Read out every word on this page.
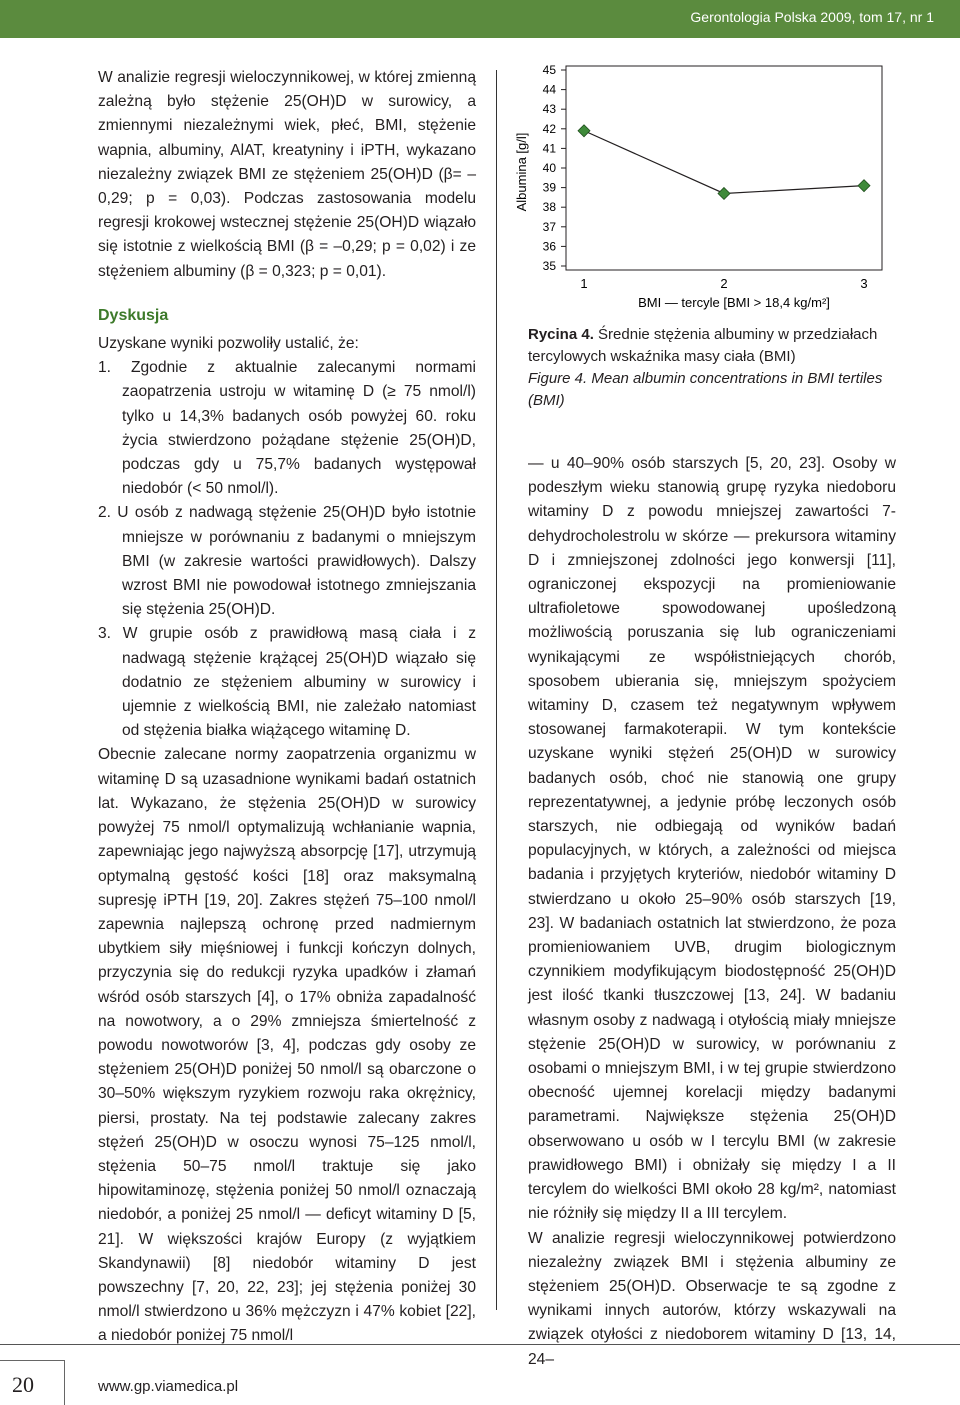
Gerontologia Polska 2009, tom 17, nr 1

W analizie regresji wieloczynnikowej, w której zmienną zależną było stężenie 25(OH)D w surowicy, a zmiennymi niezależnymi wiek, płeć, BMI, stężenie wapnia, albuminy, AlAT, kreatyniny i iPTH, wykazano niezależny związek BMI ze stężeniem 25(OH)D (β= –0,29; p = 0,03). Podczas zastosowania modelu regresji krokowej wstecznej stężenie 25(OH)D wiązało się istotnie z wielkością BMI (β = –0,29; p = 0,02) i ze stężeniem albuminy (β = 0,323; p = 0,01).

Dyskusja

Uzyskane wyniki pozwoliły ustalić, że:

1. Zgodnie z aktualnie zalecanymi normami zaopatrzenia ustroju w witaminę D (≥ 75 nmol/l) tylko u 14,3% badanych osób powyżej 60. roku życia stwierdzono pożądane stężenie 25(OH)D, podczas gdy u 75,7% badanych występował niedobór (< 50 nmol/l).

2. U osób z nadwagą stężenie 25(OH)D było istotnie mniejsze w porównaniu z badanymi o mniejszym BMI (w zakresie wartości prawidłowych). Dalszy wzrost BMI nie powodował istotnego zmniejszania się stężenia 25(OH)D.

3. W grupie osób z prawidłową masą ciała i z nadwagą stężenie krążącej 25(OH)D wiązało się dodatnio ze stężeniem albuminy w surowicy i ujemnie z wielkością BMI, nie zależało natomiast od stężenia białka wiążącego witaminę D.

Obecnie zalecane normy zaopatrzenia organizmu w witaminę D są uzasadnione wynikami badań ostatnich lat. Wykazano, że stężenia 25(OH)D w surowicy powyżej 75 nmol/l optymalizują wchłanianie wapnia, zapewniając jego najwyższą absorpcję [17], utrzymują optymalną gęstość kości [18] oraz maksymalną supresję iPTH [19, 20]. Zakres stężeń 75–100 nmol/l zapewnia najlepszą ochronę przed nadmiernym ubytkiem siły mięśniowej i funkcji kończyn dolnych, przyczynia się do redukcji ryzyka upadków i złamań wśród osób starszych [4], o 17% obniża zapadalność na nowotwory, a o 29% zmniejsza śmiertelność z powodu nowotworów [3, 4], podczas gdy osoby ze stężeniem 25(OH)D poniżej 50 nmol/l są obarczone o 30–50% większym ryzykiem rozwoju raka okrężnicy, piersi, prostaty. Na tej podstawie zalecany zakres stężeń 25(OH)D w osoczu wynosi 75–125 nmol/l, stężenia 50–75 nmol/l traktuje się jako hipowitaminozę, stężenia poniżej 50 nmol/l oznaczają niedobór, a poniżej 25 nmol/l — deficyt witaminy D [5, 21]. W większości krajów Europy (z wyjątkiem Skandynawii) [8] niedobór witaminy D jest powszechny [7, 20, 22, 23]; jej stężenia poniżej 30 nmol/l stwierdzono u 36% mężczyzn i 47% kobiet [22], a niedobór poniżej 75 nmol/l

45
44
43
42
41
40
39
38
37
36
35
1	2	3
Albumina [g/l]
BMI — tercyle [BMI > 18,4 kg/m²]

Rycina 4. Średnie stężenia albuminy w przedziałach tercylowych wskaźnika masy ciała (BMI)

Figure 4. Mean albumin concentrations in BMI tertiles (BMI)

— u 40–90% osób starszych [5, 20, 23]. Osoby w podeszłym wieku stanowią grupę ryzyka niedoboru witaminy D z powodu mniejszej zawartości 7-dehydrocholestrolu w skórze — prekursora witaminy D i zmniejszonej zdolności jego konwersji [11], ograniczonej ekspozycji na promieniowanie ultrafioletowe spowodowanej upośledzoną możliwością poruszania się lub ograniczeniami wynikającymi ze współistniejących chorób, sposobem ubierania się, mniejszym spożyciem witaminy D, czasem też negatywnym wpływem stosowanej farmakoterapii. W tym kontekście uzyskane wyniki stężeń 25(OH)D w surowicy badanych osób, choć nie stanowią one grupy reprezentatywnej, a jedynie próbę leczonych osób starszych, nie odbiegają od wyników badań populacyjnych, w których, a zależności od miejsca badania i przyjętych kryteriów, niedobór witaminy D stwierdzano u około 25–90% osób starszych [19, 23]. W badaniach ostatnich lat stwierdzono, że poza promieniowaniem UVB, drugim biologicznym czynnikiem modyfikującym biodostępność 25(OH)D jest ilość tkanki tłuszczowej [13, 24]. W badaniu własnym osoby z nadwagą i otyłością miały mniejsze stężenie 25(OH)D w surowicy, w porównaniu z osobami o mniejszym BMI, i w tej grupie stwierdzono obecność ujemnej korelacji między badanymi parametrami. Największe stężenia 25(OH)D obserwowano u osób w I tercylu BMI (w zakresie prawidłowego BMI) i obniżały się między I a II tercylem do wielkości BMI około 28 kg/m², natomiast nie różniły się między II a III tercylem.

W analizie regresji wieloczynnikowej potwierdzono niezależny związek BMI i stężenia albuminy ze stężeniem 25(OH)D. Obserwacje te są zgodne z wynikami innych autorów, którzy wskazywali na związek otyłości z niedoborem witaminy D [13, 14, 24–

20	www.gp.viamedica.pl
